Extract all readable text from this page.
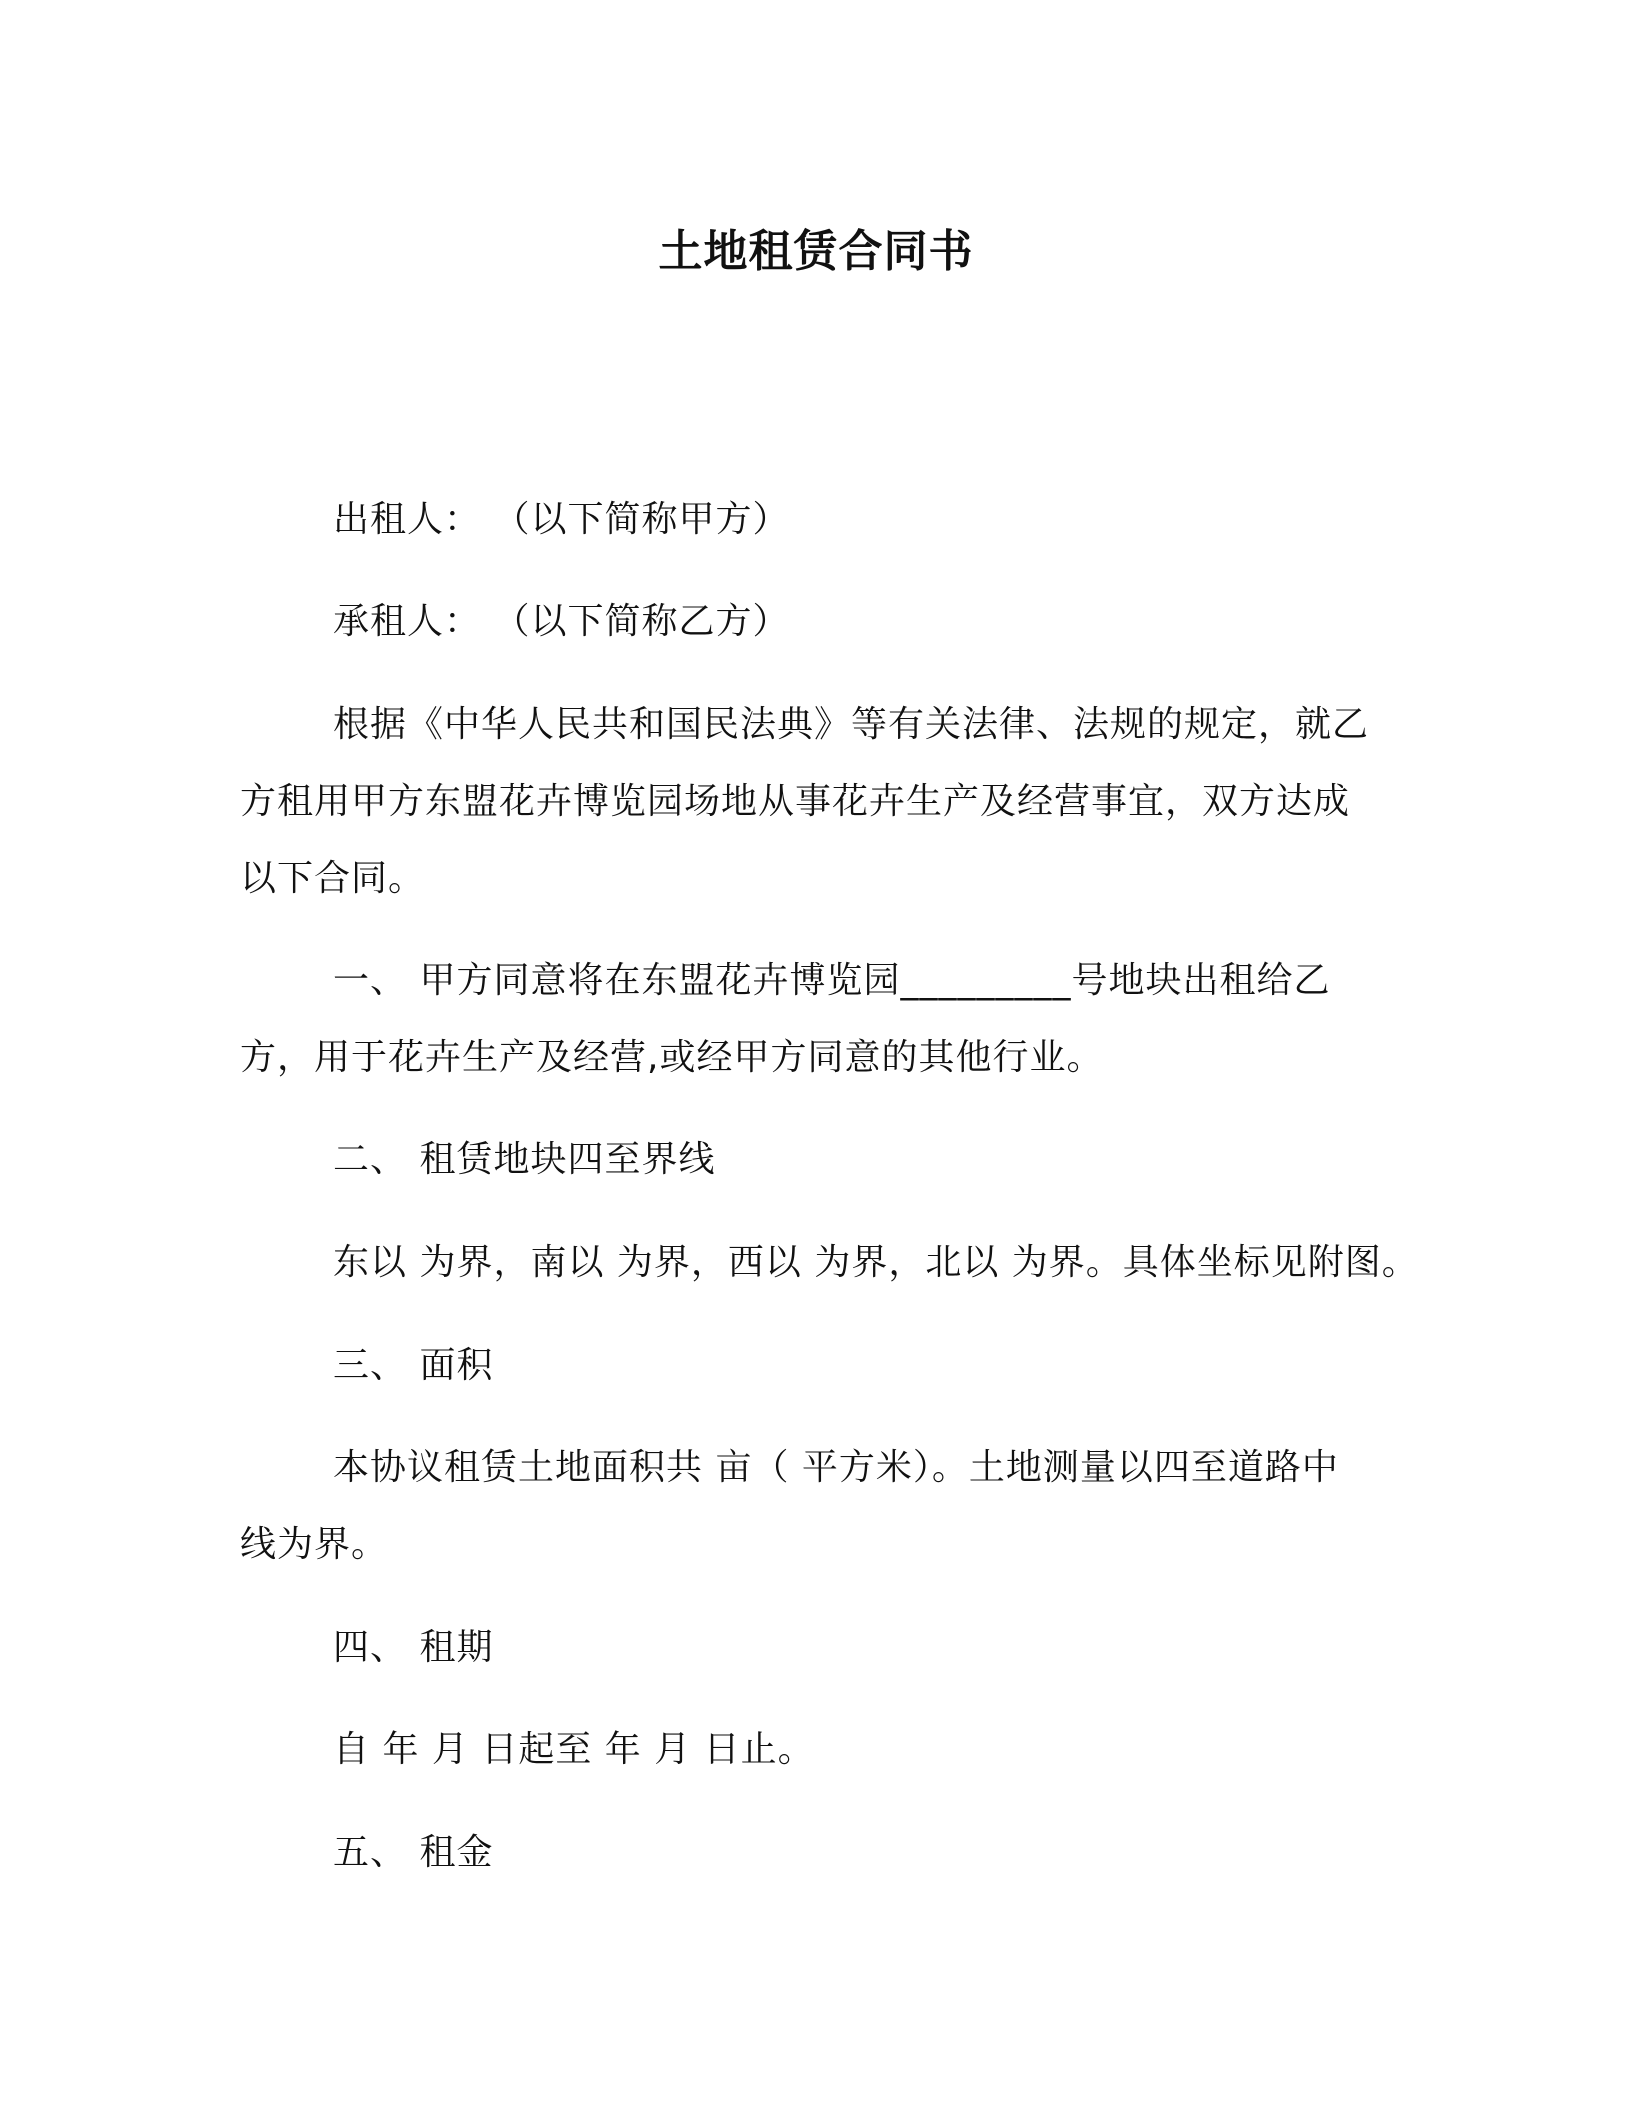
土地租赁合同书
出租人： （以下简称甲方）
承租人： （以下简称乙方）
根据《中华人民共和国民法典》等有关法律、法规的规定，就乙
方租用甲方东盟花卉博览园场地从事花卉生产及经营事宜，双方达成
以下合同。
一、 甲方同意将在东盟花卉博览园_________号地块出租给乙
方，用于花卉生产及经营,或经甲方同意的其他行业。
二、 租赁地块四至界线
东以 为界，南以 为界，西以 为界，北以 为界。具体坐标见附图。
三、 面积
本协议租赁土地面积共 亩（ 平方米）。土地测量以四至道路中
线为界。
四、 租期
自 年 月 日起至 年 月 日止。
五、 租金
